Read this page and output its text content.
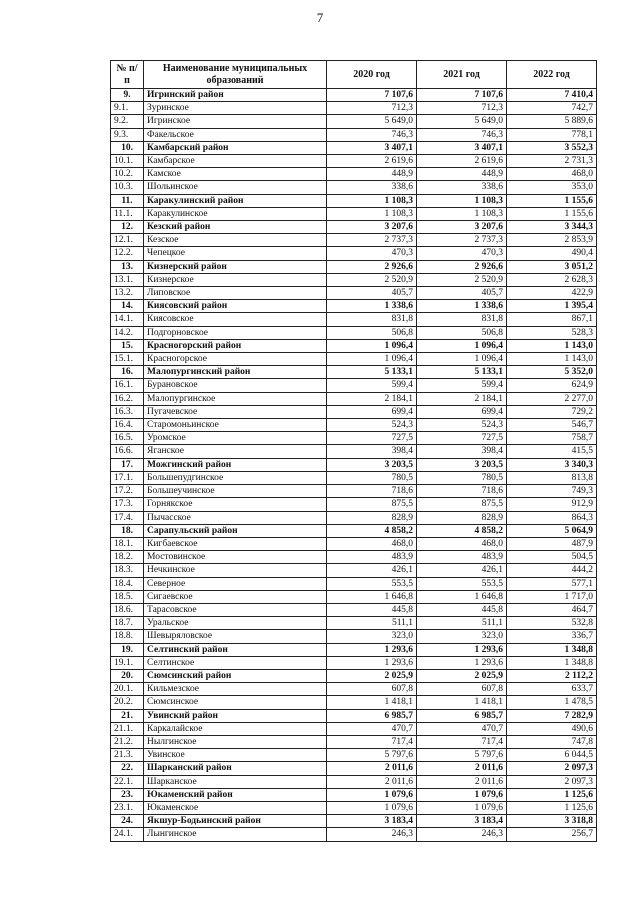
7
№ п/п	Наименование муниципальных образований	2020 год	2021 год	2022 год
9.	Игринский район	7 107,6	7 107,6	7 410,4
9.1.	Зуринское	712,3	712,3	742,7
9.2.	Игринское	5 649,0	5 649,0	5 889,6
9.3.	Факельское	746,3	746,3	778,1
10.	Камбарский район	3 407,1	3 407,1	3 552,3
10.1.	Камбарское	2 619,6	2 619,6	2 731,3
10.2.	Камское	448,9	448,9	468,0
10.3.	Шольинское	338,6	338,6	353,0
11.	Каракулинский район	1 108,3	1 108,3	1 155,6
11.1.	Каракулинское	1 108,3	1 108,3	1 155,6
12.	Кезский район	3 207,6	3 207,6	3 344,3
12.1.	Кезское	2 737,3	2 737,3	2 853,9
12.2.	Чепецкое	470,3	470,3	490,4
13.	Кизнерский район	2 926,6	2 926,6	3 051,2
13.1.	Кизнерское	2 520,9	2 520,9	2 628,3
13.2.	Липовское	405,7	405,7	422,9
14.	Киясовский район	1 338,6	1 338,6	1 395,4
14.1.	Киясовское	831,8	831,8	867,1
14.2.	Подгорновское	506,8	506,8	528,3
15.	Красногорский район	1 096,4	1 096,4	1 143,0
15.1.	Красногорское	1 096,4	1 096,4	1 143,0
16.	Малопургинский район	5 133,1	5 133,1	5 352,0
16.1.	Бурановское	599,4	599,4	624,9
16.2.	Малопургинское	2 184,1	2 184,1	2 277,0
16.3.	Пугачевское	699,4	699,4	729,2
16.4.	Старомоньинское	524,3	524,3	546,7
16.5.	Уромское	727,5	727,5	758,7
16.6.	Яганское	398,4	398,4	415,5
17.	Можгинский район	3 203,5	3 203,5	3 340,3
17.1.	Большепудгинское	780,5	780,5	813,8
17.2.	Большеучинское	718,6	718,6	749,3
17.3.	Горнякское	875,5	875,5	912,9
17.4.	Пычасское	828,9	828,9	864,3
18.	Сарапульский район	4 858,2	4 858,2	5 064,9
18.1.	Кигбаевское	468,0	468,0	487,9
18.2.	Мостовинское	483,9	483,9	504,5
18.3.	Нечкинское	426,1	426,1	444,2
18.4.	Северное	553,5	553,5	577,1
18.5.	Сигаевское	1 646,8	1 646,8	1 717,0
18.6.	Тарасовское	445,8	445,8	464,7
18.7.	Уральское	511,1	511,1	532,8
18.8.	Шевыряловское	323,0	323,0	336,7
19.	Селтинский район	1 293,6	1 293,6	1 348,8
19.1.	Селтинское	1 293,6	1 293,6	1 348,8
20.	Сюмсинский район	2 025,9	2 025,9	2 112,2
20.1.	Кильмезское	607,8	607,8	633,7
20.2.	Сюмсинское	1 418,1	1 418,1	1 478,5
21.	Увинский район	6 985,7	6 985,7	7 282,9
21.1.	Каркалайское	470,7	470,7	490,6
21.2.	Нылгинское	717,4	717,4	747,8
21.3.	Увинское	5 797,6	5 797,6	6 044,5
22.	Шарканский район	2 011,6	2 011,6	2 097,3
22.1.	Шарканское	2 011,6	2 011,6	2 097,3
23.	Юкаменский район	1 079,6	1 079,6	1 125,6
23.1.	Юкаменское	1 079,6	1 079,6	1 125,6
24.	Якшур-Бодьинский район	3 183,4	3 183,4	3 318,8
24.1.	Лынгинское	246,3	246,3	256,7
